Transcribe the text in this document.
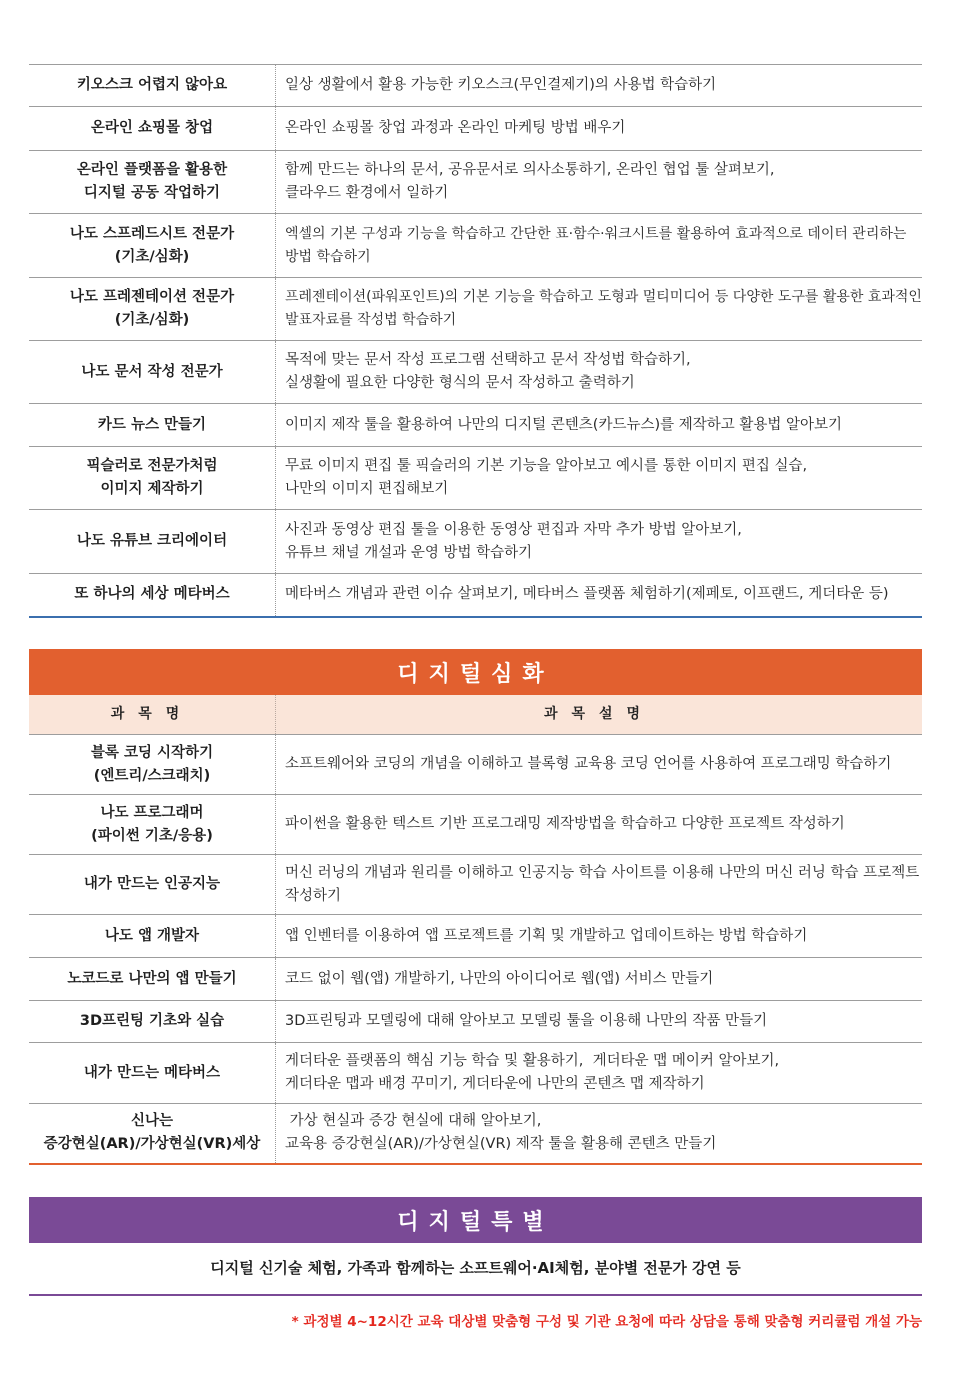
키오스크 어렵지 않아요	일상 생활에서 활용 가능한 키오스크(무인결제기)의 사용법 학습하기
온라인 쇼핑몰 창업	온라인 쇼핑몰 창업 과정과 온라인 마케팅 방법 배우기
온라인 플랫폼을 활용한
디지털 공동 작업하기	함께 만드는 하나의 문서, 공유문서로 의사소통하기, 온라인 협업 툴 살펴보기,
클라우드 환경에서 일하기
나도 스프레드시트 전문가
(기초/심화)	엑셀의 기본 구성과 기능을 학습하고 간단한 표·함수·워크시트를 활용하여 효과적으로 데이터 관리하는
방법 학습하기
나도 프레젠테이션 전문가
(기초/심화)	프레젠테이션(파워포인트)의 기본 기능을 학습하고 도형과 멀티미디어 등 다양한 도구를 활용한 효과적인
발표자료를 작성법 학습하기
나도 문서 작성 전문가	목적에 맞는 문서 작성 프로그램 선택하고 문서 작성법 학습하기,
실생활에 필요한 다양한 형식의 문서 작성하고 출력하기
카드 뉴스 만들기	이미지 제작 툴을 활용하여 나만의 디지털 콘텐츠(카드뉴스)를 제작하고 활용법 알아보기
픽슬러로 전문가처럼
이미지 제작하기	무료 이미지 편집 툴 픽슬러의 기본 기능을 알아보고 예시를 통한 이미지 편집 실습,
나만의 이미지 편집해보기
나도 유튜브 크리에이터	사진과 동영상 편집 툴을 이용한 동영상 편집과 자막 추가 방법 알아보기,
유튜브 채널 개설과 운영 방법 학습하기
또 하나의 세상 메타버스	메타버스 개념과 관련 이슈 살펴보기, 메타버스 플랫폼 체험하기(제페토, 이프랜드, 게더타운 등)
디지털심화
과목명	과목설명
블록 코딩 시작하기
(엔트리/스크래치)	소프트웨어와 코딩의 개념을 이해하고 블록형 교육용 코딩 언어를 사용하여 프로그래밍 학습하기
나도 프로그래머
(파이썬 기초/응용)	파이썬을 활용한 텍스트 기반 프로그래밍 제작방법을 학습하고 다양한 프로젝트 작성하기
내가 만드는 인공지능	머신 러닝의 개념과 원리를 이해하고 인공지능 학습 사이트를 이용해 나만의 머신 러닝 학습 프로젝트
작성하기
나도 앱 개발자	앱 인벤터를 이용하여 앱 프로젝트를 기획 및 개발하고 업데이트하는 방법 학습하기
노코드로 나만의 앱 만들기	코드 없이 웹(앱) 개발하기, 나만의 아이디어로 웹(앱) 서비스 만들기
3D프린팅 기초와 실습	3D프린팅과 모델링에 대해 알아보고 모델링 툴을 이용해 나만의 작품 만들기
내가 만드는 메타버스	게더타운 플랫폼의 핵심 기능 학습 및 활용하기,  게더타운 맵 메이커 알아보기,
게더타운 맵과 배경 꾸미기, 게더타운에 나만의 콘텐츠 맵 제작하기
신나는
증강현실(AR)/가상현실(VR)세상	가상 현실과 증강 현실에 대해 알아보기,
교육용 증강현실(AR)/가상현실(VR) 제작 툴을 활용해 콘텐츠 만들기
디지털특별
디지털 신기술 체험, 가족과 함께하는 소프트웨어·AI체험, 분야별 전문가 강연 등
* 과정별 4~12시간 교육 대상별 맞춤형 구성 및 기관 요청에 따라 상담을 통해 맞춤형 커리큘럼 개설 가능
